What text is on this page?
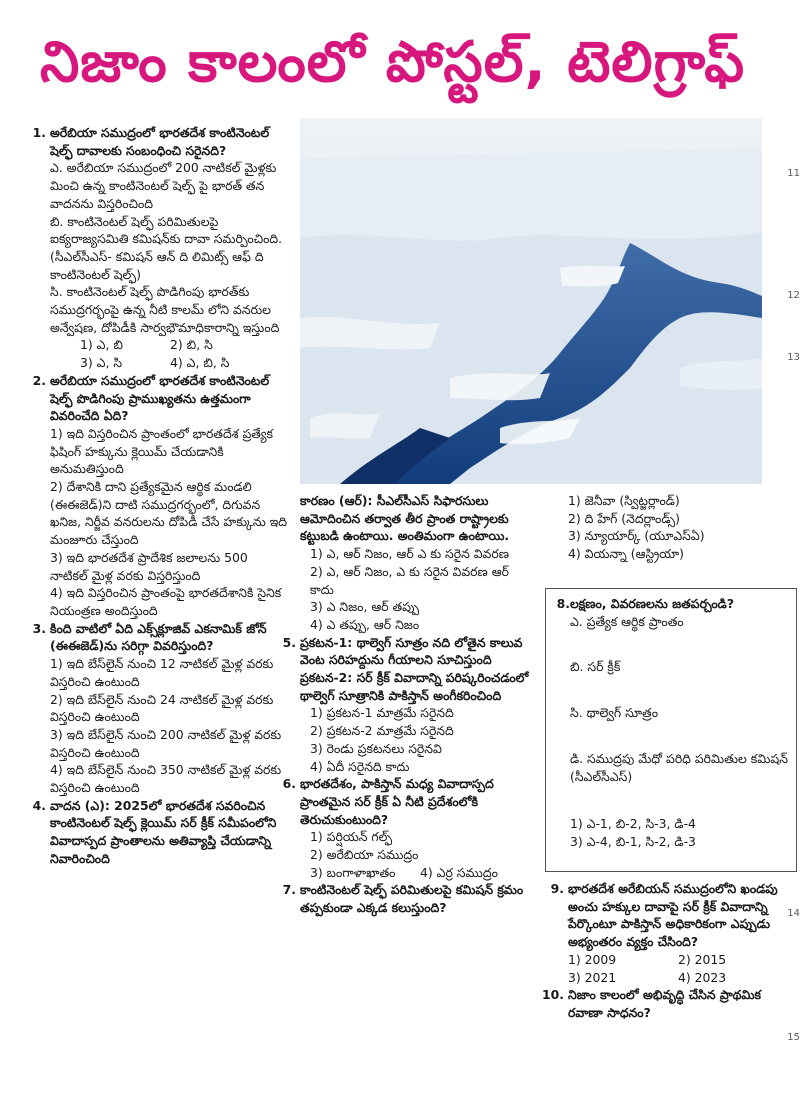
నిజాం కాలంలో పోస్టల్, టెలిగ్రాఫ్
1. అరేబియా సముద్రంలో భారతదేశ కాంటినెంటల్ షెల్ఫ్ దావాలకు సంబంధించి సరైనది?
ఎ. అరేబియా సముద్రంలో 200 నాటికల్ మైళ్లకు మించి ఉన్న కాంటినెంటల్ షెల్ఫ్ పై భారత్ తన వాదనను విస్తరించింది
బి. కాంటినెంటల్ షెల్ఫ్ పరిమితులపై ఐక్యరాజ్యసమితి కమిషన్‌కు దావా సమర్పించింది. (సీఎల్‌సీఎస్- కమిషన్ ఆన్ ది లిమిట్స్ ఆఫ్ ది కాంటినెంటల్ షెల్ఫ్)
సి. కాంటినెంటల్ షెల్ఫ్ పొడిగింపు భారత్‌కు సముద్రగర్భంపై ఉన్న నీటి కాలమ్ లోని వనరుల అన్వేషణ, దోపిడీకి సార్వభౌమాధికారాన్ని ఇస్తుంది
1) ఎ, బి	2) బి, సి
3) ఎ, సి	4) ఎ, బి, సి
2. అరేబియా సముద్రంలో భారతదేశ కాంటినెంటల్ షెల్ఫ్ పొడిగింపు ప్రాముఖ్యతను ఉత్తమంగా వివరించేది ఏది?
1) ఇది విస్తరించిన ప్రాంతంలో భారతదేశ ప్రత్యేక ఫిషింగ్ హక్కును క్లెయిమ్ చేయడానికి అనుమతిస్తుంది
2) దేశానికి దాని ప్రత్యేకమైన ఆర్థిక మండలి (ఈఈజెడ్)ని దాటి సముద్రగర్భంలో, దిగువన ఖనిజ, నిర్జీవ వనరులను దోపిడీ చేసే హక్కును ఇది మంజూరు చేస్తుంది
3) ఇది భారతదేశ ప్రాదేశిక జలాలను 500 నాటికల్ మైళ్ల వరకు విస్తరిస్తుంది
4) ఇది విస్తరించిన ప్రాంతంపై భారతదేశానికి సైనిక నియంత్రణ అందిస్తుంది
3. కింది వాటిలో ఏది ఎక్స్‌క్లూజివ్ ఎకనామిక్ జోన్ (ఈఈజెడ్)ను సరిగ్గా వివరిస్తుంది?
1) ఇది బేస్‌లైన్ నుంచి 12 నాటికల్ మైళ్ల వరకు విస్తరించి ఉంటుంది
2) ఇది బేస్‌లైన్ నుంచి 24 నాటికల్ మైళ్ల వరకు విస్తరించి ఉంటుంది
3) ఇది బేస్‌లైన్ నుంచి 200 నాటికల్ మైళ్ల వరకు విస్తరించి ఉంటుంది
4) ఇది బేస్‌లైన్ నుంచి 350 నాటికల్ మైళ్ల వరకు విస్తరించి ఉంటుంది
4. వాదన (ఎ): 2025లో భారతదేశ సవరించిన కాంటినెంటల్ షెల్ఫ్ క్లెయిమ్ సర్ క్రీక్ సమీపంలోని వివాదాస్పద ప్రాంతాలను అతివ్యాప్తి చేయడాన్ని నివారించింది
కారణం (ఆర్): సీఎల్‌సీఎస్ సిఫారసులు ఆమోదించిన తర్వాత తీర ప్రాంత రాష్ట్రాలకు కట్టుబడి ఉంటాయి. అంతిమంగా ఉంటాయి.
1) ఎ, ఆర్ నిజం, ఆర్ ఎ కు సరైన వివరణ
2) ఎ, ఆర్ నిజం, ఎ కు సరైన వివరణ ఆర్ కాదు
3) ఎ నిజం, ఆర్ తప్పు
4) ఎ తప్పు, ఆర్ నిజం
5. ప్రకటన-1: థాల్వెగ్ సూత్రం నది లోతైన కాలువ వెంట సరిహద్దును గీయాలని సూచిస్తుంది
ప్రకటన-2: సర్ క్రీక్ వివాదాన్ని పరిష్కరించడంలో థాల్వెగ్ సూత్రానికి పాకిస్తాన్ అంగీకరించింది
1) ప్రకటన-1 మాత్రమే సరైనది
2) ప్రకటన-2 మాత్రమే సరైనది
3) రెండు ప్రకటనలు సరైనవి
4) ఏదీ సరైనది కాదు
6. భారతదేశం, పాకిస్తాన్ మధ్య వివాదాస్పద ప్రాంతమైన సర్ క్రీక్ ఏ నీటి ప్రదేశంలోకి తెరుచుకుంటుంది?
1) పర్షియన్ గల్ఫ్
2) అరేబియా సముద్రం
3) బంగాళాఖాతం	4) ఎర్ర సముద్రం
7. కాంటినెంటల్ షెల్ఫ్ పరిమితులపై కమిషన్ క్రమం తప్పకుండా ఎక్కడ కలుస్తుంది?
1) జెనీవా (స్విట్జర్లాండ్)
2) ది హేగ్ (నెదర్లాండ్స్)
3) న్యూయార్క్ (యూఎస్ఏ)
4) వియన్నా (ఆస్ట్రియా)
8. లక్షణం, వివరణలను జతపర్చండి?
ఎ. ప్రత్యేక ఆర్థిక ప్రాంతం
బి. సర్ క్రీక్
సి. థాల్వెగ్ సూత్రం
డి. సముద్రపు మేధో పరిధి పరిమితుల కమిషన్ (సీఎల్‌సీఎస్)
1) ఎ-1, బి-2, సి-3, డి-4
3) ఎ-4, బి-1, సి-2, డి-3
9. భారతదేశ అరేబియన్ సముద్రంలోని ఖండపు అంచు హక్కుల దావాపై సర్ క్రీక్ వివాదాన్ని పేర్కొంటూ పాకిస్తాన్ అధికారికంగా ఎప్పుడు అభ్యంతరం వ్యక్తం చేసింది?
1) 2009	2) 2015
3) 2021	4) 2023
10. నిజాం కాలంలో అభివృద్ధి చేసిన ప్రాథమిక రవాణా సాధనం?
11
12
13
14
15
